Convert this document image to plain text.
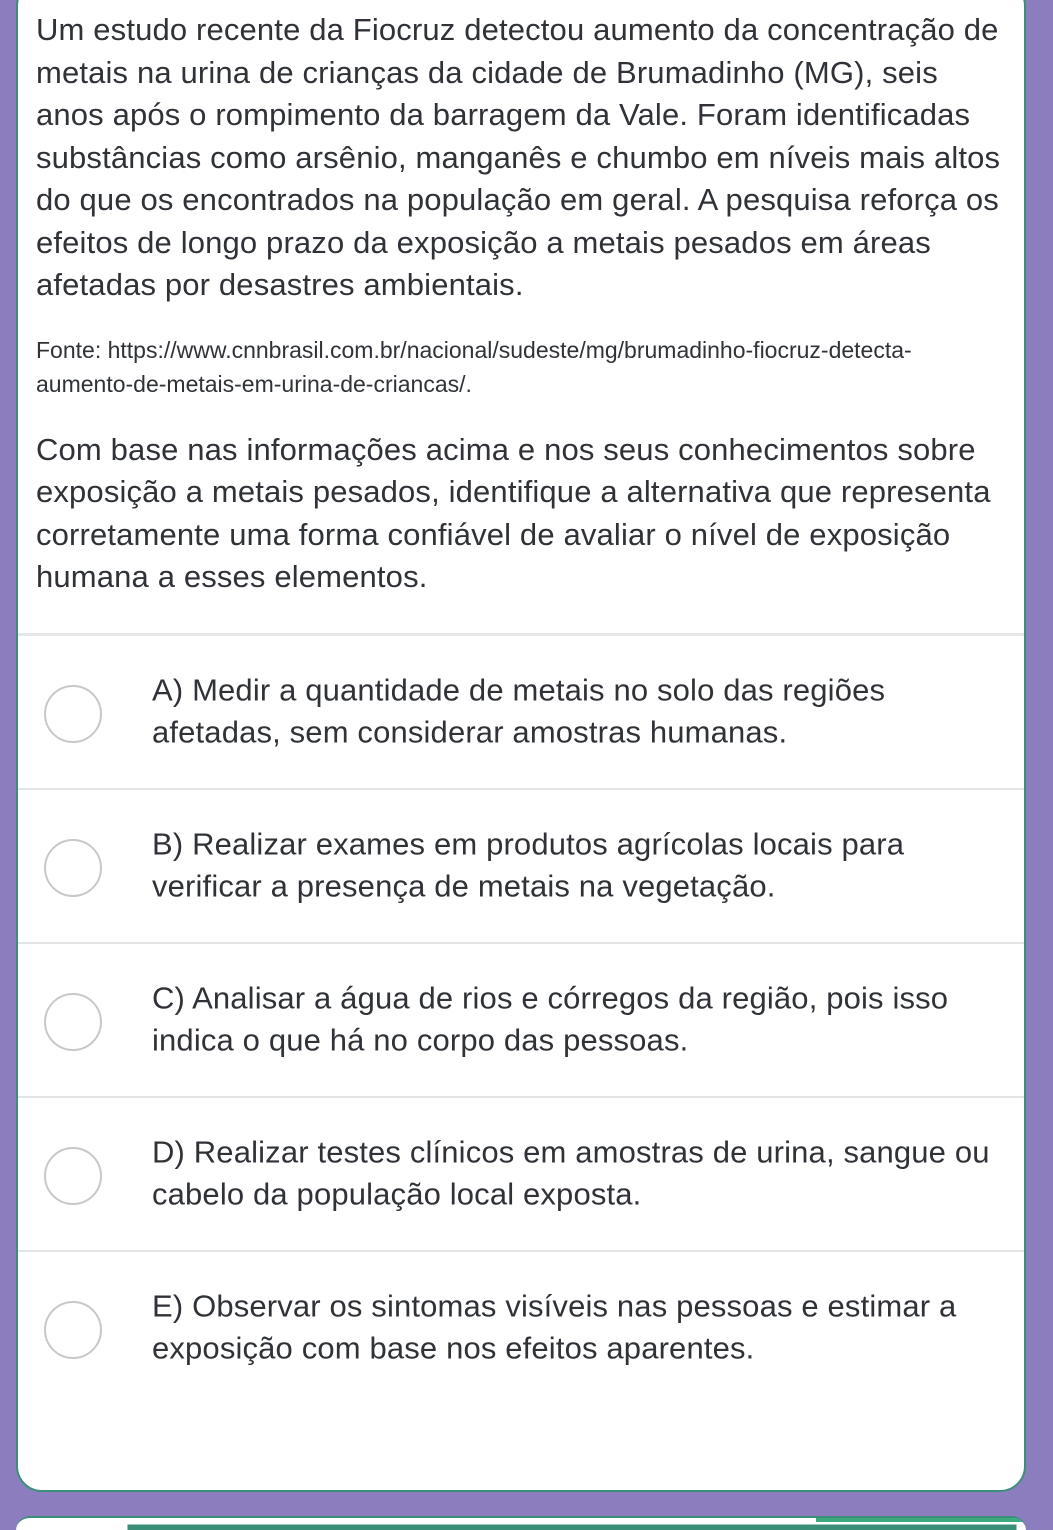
Um estudo recente da Fiocruz detectou aumento da concentração de metais na urina de crianças da cidade de Brumadinho (MG), seis anos após o rompimento da barragem da Vale. Foram identificadas substâncias como arsênio, manganês e chumbo em níveis mais altos do que os encontrados na população em geral. A pesquisa reforça os efeitos de longo prazo da exposição a metais pesados em áreas afetadas por desastres ambientais.

Fonte: https://www.cnnbrasil.com.br/nacional/sudeste/mg/brumadinho-fiocruz-detecta-aumento-de-metais-em-urina-de-criancas/.

Com base nas informações acima e nos seus conhecimentos sobre exposição a metais pesados, identifique a alternativa que representa corretamente uma forma confiável de avaliar o nível de exposição humana a esses elementos.

A) Medir a quantidade de metais no solo das regiões afetadas, sem considerar amostras humanas.
B) Realizar exames em produtos agrícolas locais para verificar a presença de metais na vegetação.
C) Analisar a água de rios e córregos da região, pois isso indica o que há no corpo das pessoas.
D) Realizar testes clínicos em amostras de urina, sangue ou cabelo da população local exposta.
E) Observar os sintomas visíveis nas pessoas e estimar a exposição com base nos efeitos aparentes.
